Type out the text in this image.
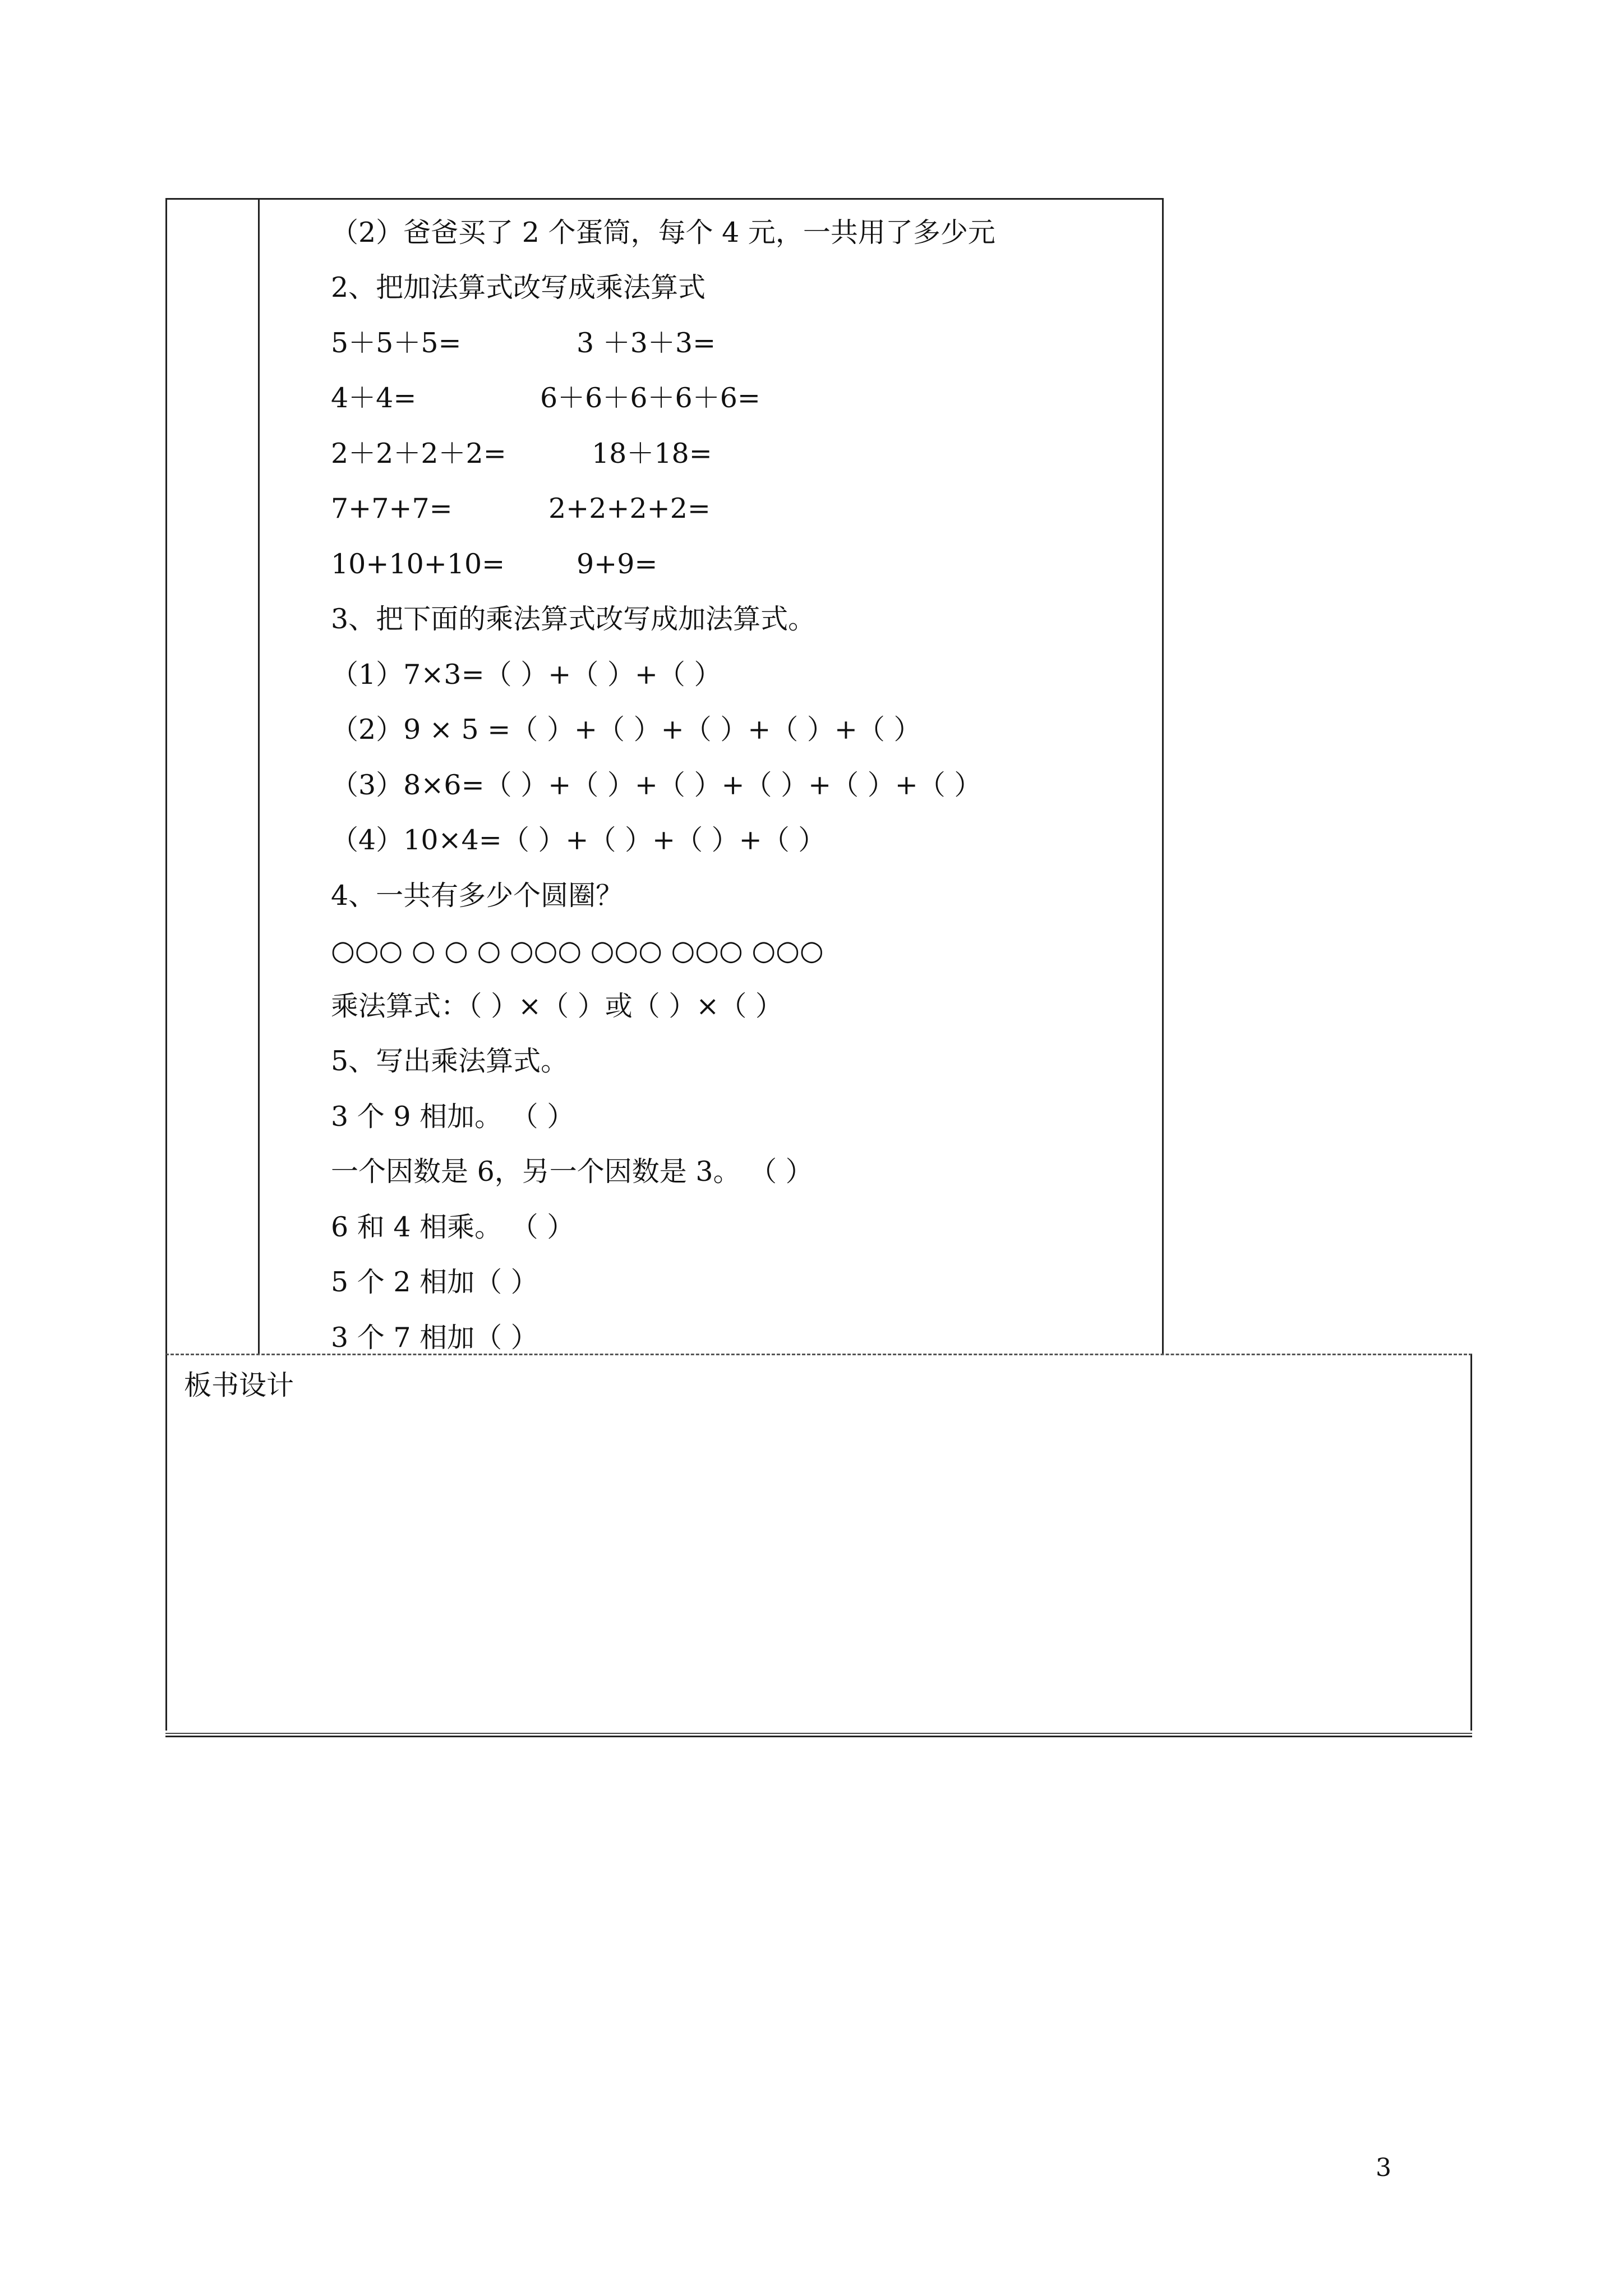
（2）爸爸买了 2 个蛋筒，每个 4 元，一共用了多少元
2、把加法算式改写成乘法算式
5＋5＋5=	3 ＋3＋3=
4＋4=	6＋6＋6＋6＋6=
2＋2＋2＋2=	18＋18=
7+7+7=	2+2+2+2=
10+10+10=	9+9=
3、把下面的乘法算式改写成加法算式。
（1）7×3=（ ）+（ ）+（ ）
（2）9 × 5 =（ ）+（ ）+（ ）+（ ）+（ ）
（3）8×6=（ ）+（ ）+（ ）+（ ）+（ ）+（ ）
（4）10×4=（ ）+（ ）+（ ）+（ ）
4、一共有多少个圆圈？
○○○ ○ ○ ○ ○○○ ○○○ ○○○ ○○○
乘法算式：（ ）×（ ）或（ ）×（ ）
5、写出乘法算式。
3 个 9 相加。 （ ）
一个因数是 6，另一个因数是 3。 （ ）
6 和 4 相乘。 （ ）
5 个 2 相加（ ）
3 个 7 相加（ ）
板书设计
3
